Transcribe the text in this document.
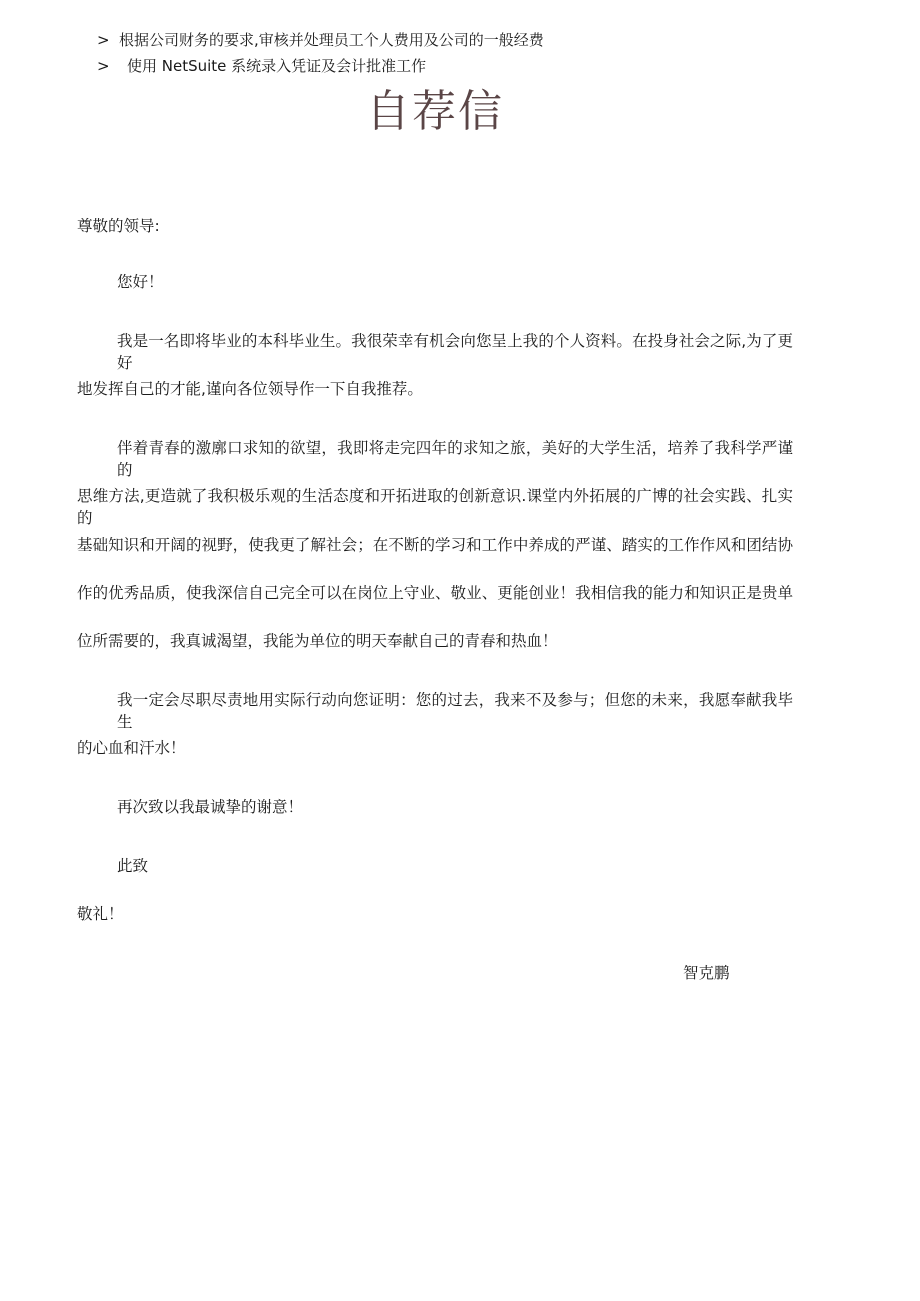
> 根据公司财务的要求,审核并处理员工个人费用及公司的一般经费
> 使用 NetSuite 系统录入凭证及会计批准工作
自荐信
尊敬的领导:
您好！
我是一名即将毕业的本科毕业生。我很荣幸有机会向您呈上我的个人资料。在投身社会之际,为了更好
地发挥自己的才能,谨向各位领导作一下自我推荐。
伴着青春的激廓口求知的欲望，我即将走完四年的求知之旅，美好的大学生活，培养了我科学严谨的
思维方法,更造就了我积极乐观的生活态度和开拓进取的创新意识.课堂内外拓展的广博的社会实践、扎实的
基础知识和开阔的视野，使我更了解社会；在不断的学习和工作中养成的严谨、踏实的工作作风和团结协
作的优秀品质，使我深信自己完全可以在岗位上守业、敬业、更能创业！我相信我的能力和知识正是贵单
位所需要的，我真诚渴望，我能为单位的明天奉献自己的青春和热血！
我一定会尽职尽责地用实际行动向您证明：您的过去，我来不及参与；但您的未来，我愿奉献我毕生
的心血和汗水！
再次致以我最诚挚的谢意！
此致
敬礼！
智克鹏
